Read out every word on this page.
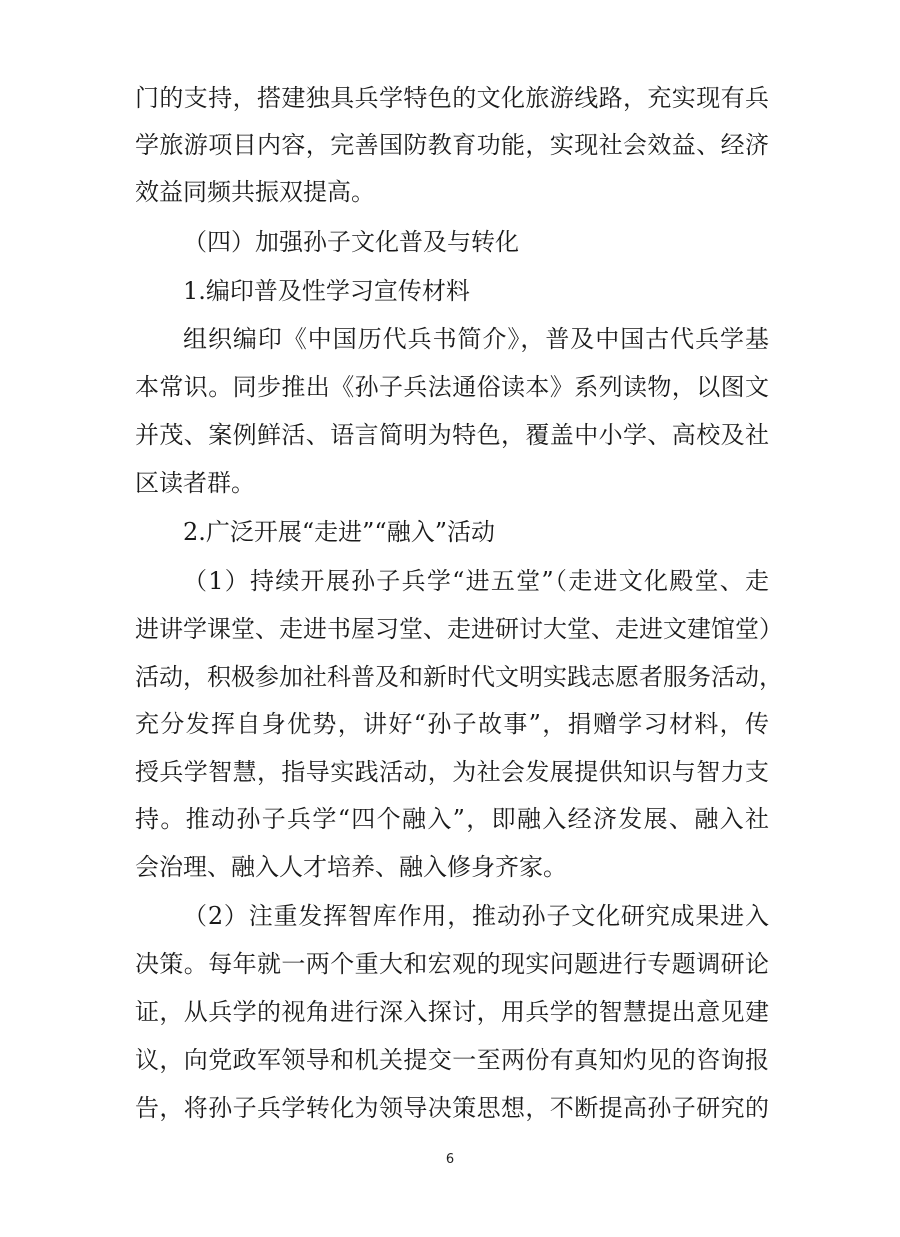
门的支持，搭建独具兵学特色的文化旅游线路，充实现有兵
学旅游项目内容，完善国防教育功能，实现社会效益、经济
效益同频共振双提高。
（四）加强孙子文化普及与转化
1.编印普及性学习宣传材料
组织编印《中国历代兵书简介》，普及中国古代兵学基
本常识。同步推出《孙子兵法通俗读本》系列读物，以图文
并茂、案例鲜活、语言简明为特色，覆盖中小学、高校及社
区读者群。
2.广泛开展“走进”“融入”活动
（1）持续开展孙子兵学“进五堂”（走进文化殿堂、走
进讲学课堂、走进书屋习堂、走进研讨大堂、走进文建馆堂）
活动，积极参加社科普及和新时代文明实践志愿者服务活动，
充分发挥自身优势，讲好“孙子故事”，捐赠学习材料，传
授兵学智慧，指导实践活动，为社会发展提供知识与智力支
持。推动孙子兵学“四个融入”，即融入经济发展、融入社
会治理、融入人才培养、融入修身齐家。
（2）注重发挥智库作用，推动孙子文化研究成果进入
决策。每年就一两个重大和宏观的现实问题进行专题调研论
证，从兵学的视角进行深入探讨，用兵学的智慧提出意见建
议，向党政军领导和机关提交一至两份有真知灼见的咨询报
告，将孙子兵学转化为领导决策思想，不断提高孙子研究的
6
